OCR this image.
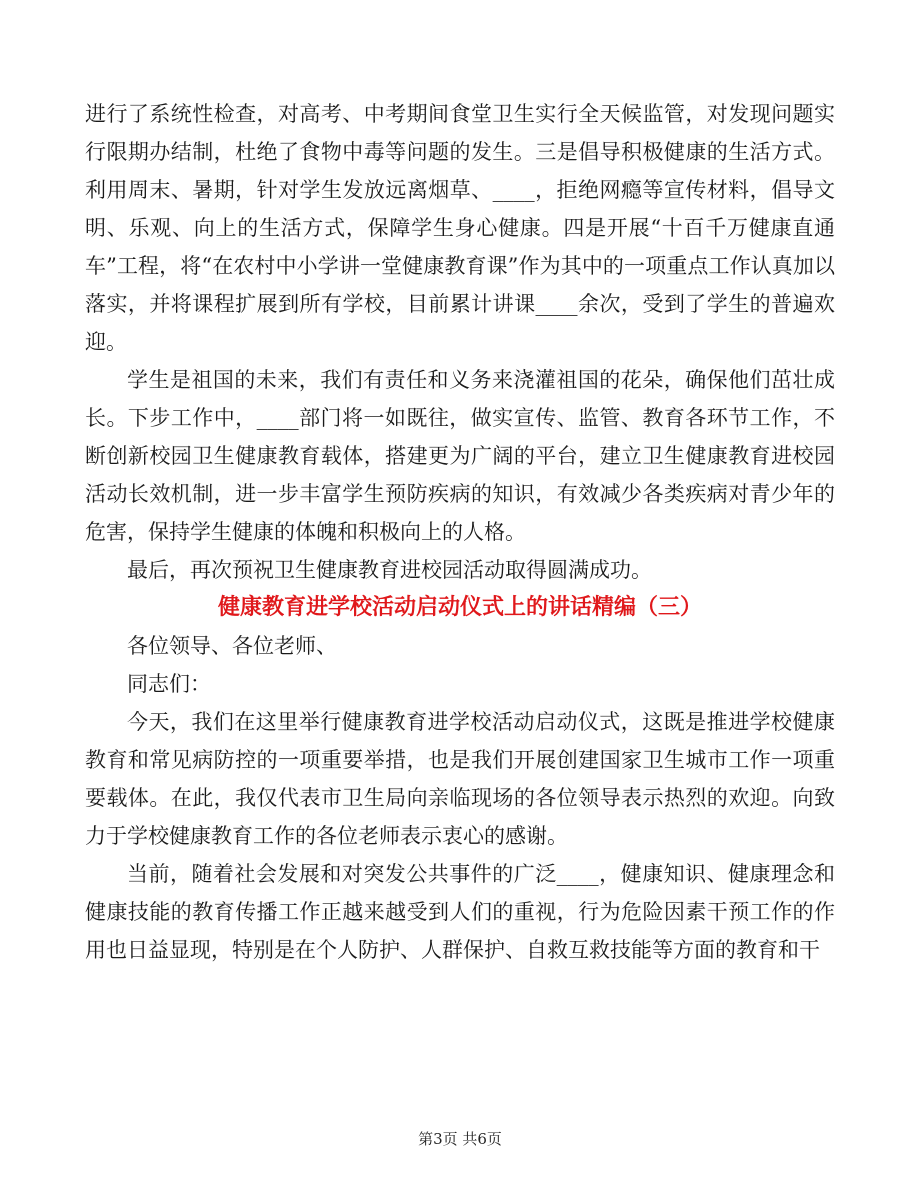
进行了系统性检查，对高考、中考期间食堂卫生实行全天候监管，对发现问题实行限期办结制，杜绝了食物中毒等问题的发生。三是倡导积极健康的生活方式。利用周末、暑期，针对学生发放远离烟草、____，拒绝网瘾等宣传材料，倡导文明、乐观、向上的生活方式，保障学生身心健康。四是开展“十百千万健康直通车”工程，将“在农村中小学讲一堂健康教育课”作为其中的一项重点工作认真加以落实，并将课程扩展到所有学校，目前累计讲课____余次，受到了学生的普遍欢迎。

学生是祖国的未来，我们有责任和义务来浇灌祖国的花朵，确保他们茁壮成长。下步工作中，____部门将一如既往，做实宣传、监管、教育各环节工作，不断创新校园卫生健康教育载体，搭建更为广阔的平台，建立卫生健康教育进校园活动长效机制，进一步丰富学生预防疾病的知识，有效减少各类疾病对青少年的危害，保持学生健康的体魄和积极向上的人格。

最后，再次预祝卫生健康教育进校园活动取得圆满成功。

健康教育进学校活动启动仪式上的讲话精编（三）

各位领导、各位老师、

同志们：

今天，我们在这里举行健康教育进学校活动启动仪式，这既是推进学校健康教育和常见病防控的一项重要举措，也是我们开展创建国家卫生城市工作一项重要载体。在此，我仅代表市卫生局向亲临现场的各位领导表示热烈的欢迎。向致力于学校健康教育工作的各位老师表示衷心的感谢。

当前，随着社会发展和对突发公共事件的广泛____，健康知识、健康理念和健康技能的教育传播工作正越来越受到人们的重视，行为危险因素干预工作的作用也日益显现，特别是在个人防护、人群保护、自救互救技能等方面的教育和干

第3页 共6页
